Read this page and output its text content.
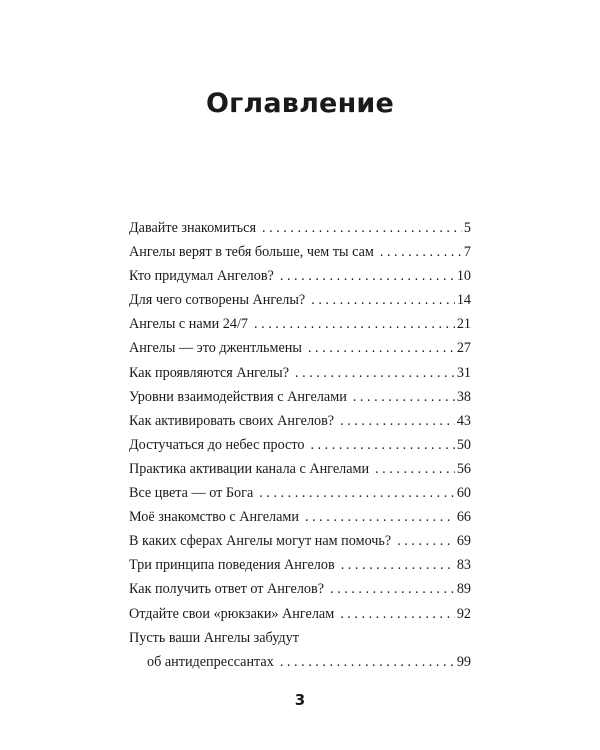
Оглавление
Давайте знакомиться . . .	5
Ангелы верят в тебя больше, чем ты сам . . .	7
Кто придумал Ангелов? . . .	10
Для чего сотворены Ангелы? . . .	14
Ангелы с нами 24/7 . . .	21
Ангелы — это джентльмены . . .	27
Как проявляются Ангелы? . . .	31
Уровни взаимодействия с Ангелами . . .	38
Как активировать своих Ангелов? . . .	43
Достучаться до небес просто . . .	50
Практика активации канала с Ангелами . . .	56
Все цвета — от Бога . . .	60
Моё знакомство с Ангелами . . .	66
В каких сферах Ангелы могут нам помочь? . . .	69
Три принципа поведения Ангелов . . .	83
Как получить ответ от Ангелов? . . .	89
Отдайте свои «рюкзаки» Ангелам . . .	92
Пусть ваши Ангелы забудут
об антидепрессантах . . .	99
3
